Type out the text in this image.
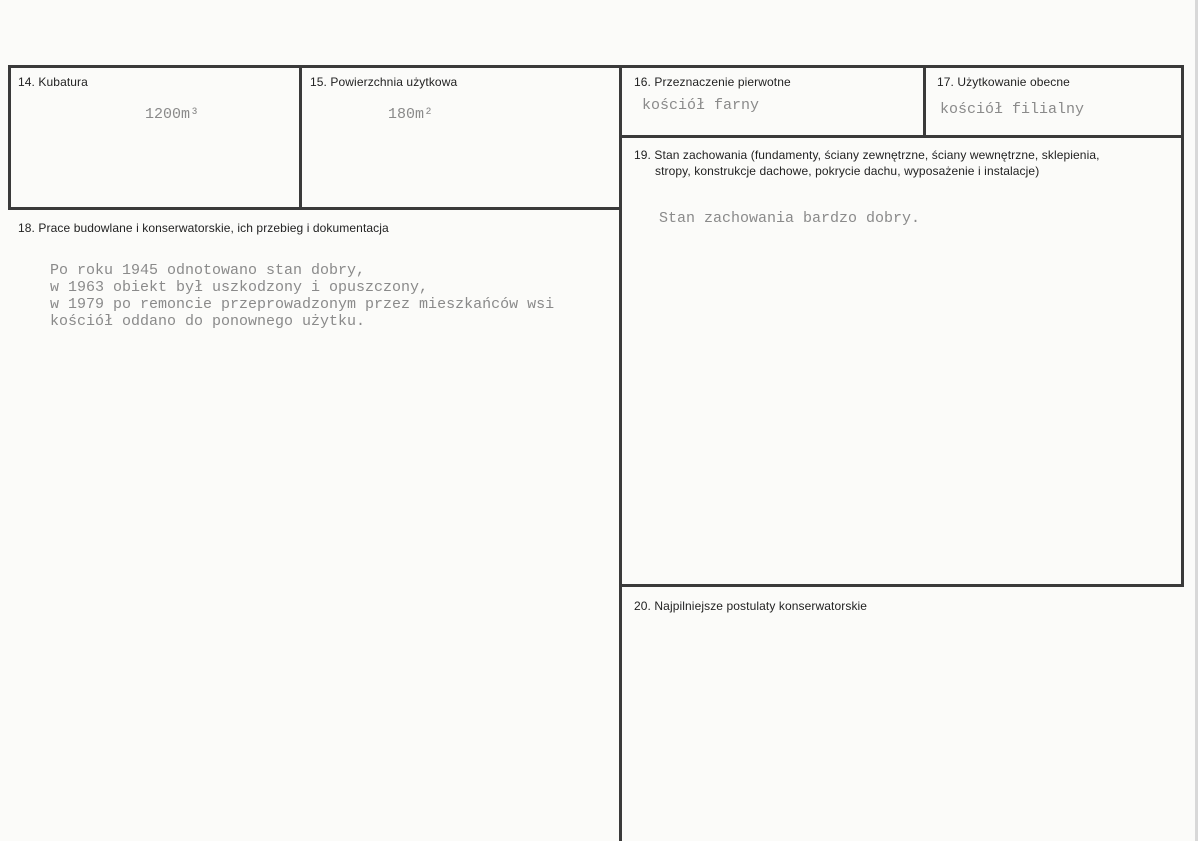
14. Kubatura
1200m³
15. Powierzchnia użytkowa
180m²
16. Przeznaczenie pierwotne
kościół farny
17. Użytkowanie obecne
kościół filialny
18. Prace budowlane i konserwatorskie, ich przebieg i dokumentacja
Po roku 1945 odnotowano stan dobry,
w 1963 obiekt był uszkodzony i opuszczony,
w 1979 po remoncie przeprowadzonym przez mieszkańców wsi
kościół oddano do ponownego użytku.
19. Stan zachowania (fundamenty, ściany zewnętrzne, ściany wewnętrzne, sklepienia,
stropy, konstrukcje dachowe, pokrycie dachu, wyposażenie i instalacje)
Stan zachowania bardzo dobry.
20. Najpilniejsze postulaty konserwatorskie
